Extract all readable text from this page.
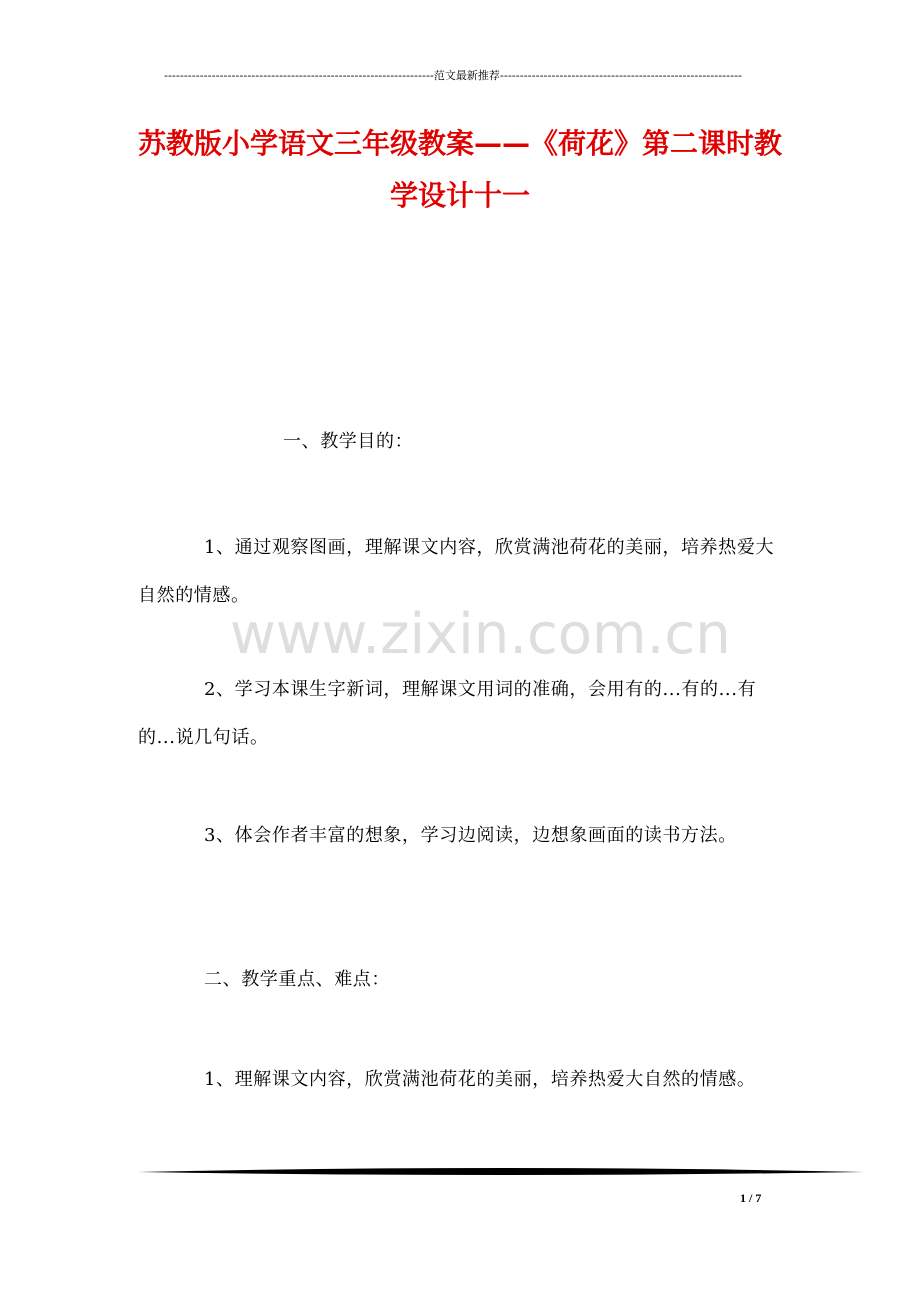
--------------------------------------------------------------------范文最新推荐-------------------------------------------------------------
苏教版小学语文三年级教案——《荷花》第二课时教学设计十一
一、教学目的：
1、通过观察图画，理解课文内容，欣赏满池荷花的美丽，培养热爱大自然的情感。
2、学习本课生字新词，理解课文用词的准确，会用有的...有的...有的...说几句话。
3、体会作者丰富的想象，学习边阅读，边想象画面的读书方法。
二、教学重点、难点：
1、理解课文内容，欣赏满池荷花的美丽，培养热爱大自然的情感。
www.zixin.com.cn
1 / 7
